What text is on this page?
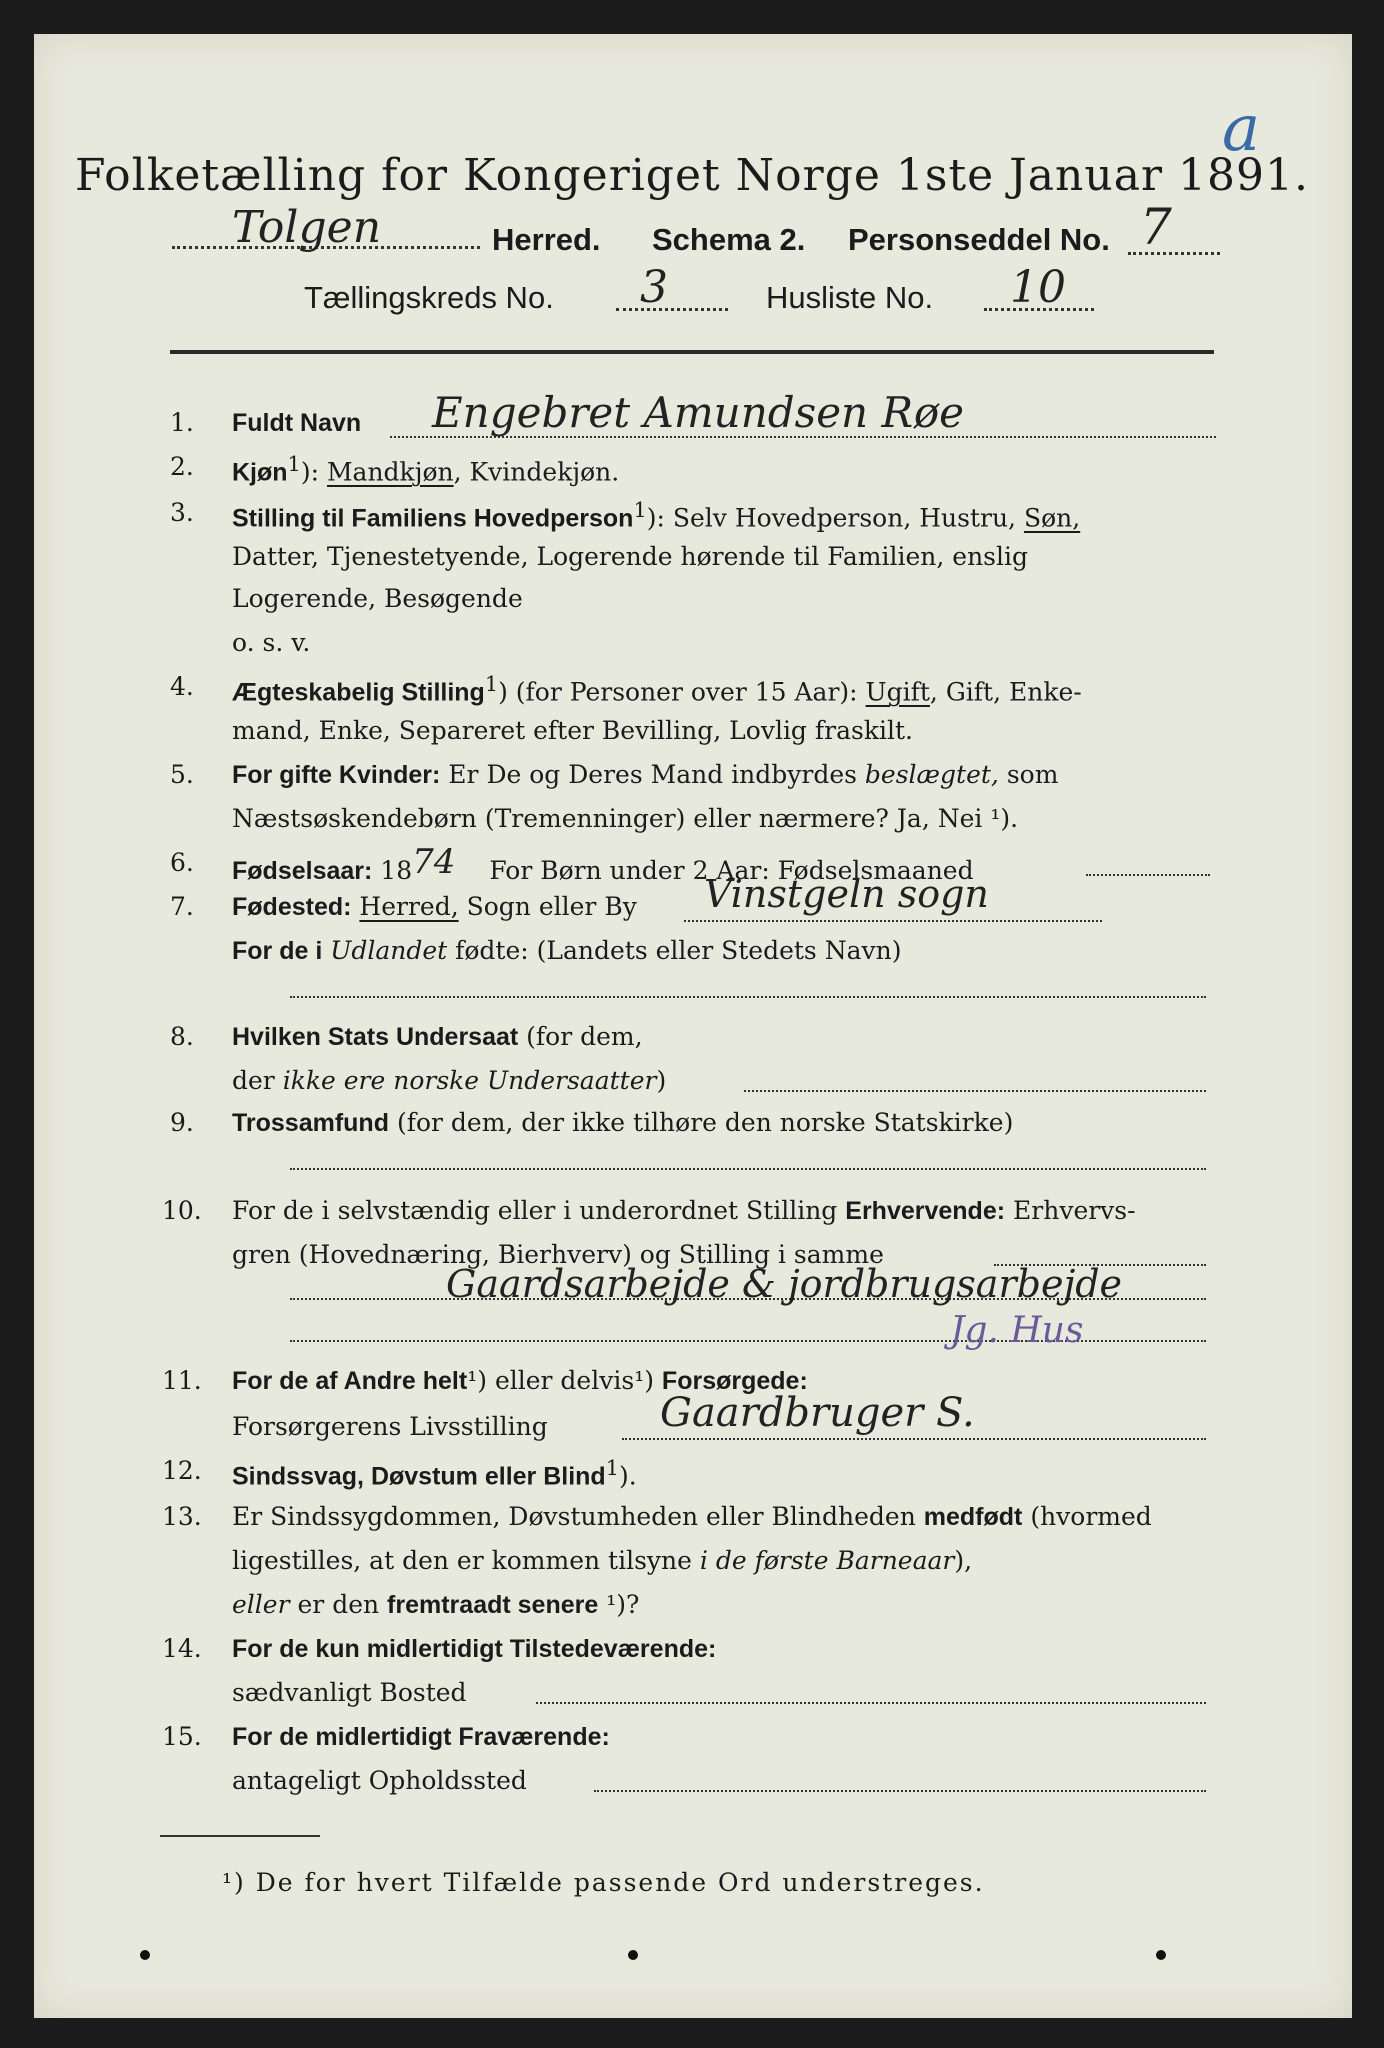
a
Folketælling for Kongeriget Norge 1ste Januar 1891.
Tolgen	Herred. Schema 2. Personseddel No. 7
Tællingskreds No. 3	Husliste No. 10
1.	Fuldt Navn Engebret Amundsen Røe
2.	Kjøn$^1$): Mandkjøn, Kvindekjøn.
3.	Stilling til Familiens Hovedperson$^1$): Selv Hovedperson, Hustru, Søn,
Datter, Tjenestetyende, Logerende hørende til Familien, enslig
Logerende, Besøgende
o. s. v.
4.	Ægteskabelig Stilling$^1$) (for Personer over 15 Aar): Ugift, Gift, Enke-
mand, Enke, Separeret efter Bevilling, Lovlig fraskilt.
5.	For gifte Kvinder: Er De og Deres Mand indbyrdes beslægtet, som
Næstsøskendebørn (Tremenninger) eller nærmere? Ja, Nei ¹).
6.	Fødselsaar: 1874 For Børn under 2 Aar: Fødselsmaaned
7.	Fødested: Herred, Sogn eller By Vinstgeln sogn
For de i Udlandet fødte: (Landets eller Stedets Navn)
8.	Hvilken Stats Undersaat (for dem,
der ikke ere norske Undersaatter)
9.	Trossamfund (for dem, der ikke tilhøre den norske Statskirke)
10. For de i selvstændig eller i underordnet Stilling Erhvervende: Erhvervs-
gren (Hovednæring, Bierhverv) og Stilling i samme
Gaardsarbejde & jordbrugsarbejde
Jg. Hus
11. For de af Andre helt¹) eller delvis¹) Forsørgede:
Forsørgerens Livsstilling	Gaardbruger S.
12. Sindssvag, Døvstum eller Blind$^1$).
13. Er Sindssygdommen, Døvstumheden eller Blindheden medfødt (hvormed
ligestilles, at den er kommen tilsyne i de første Barneaar),
eller er den fremtraadt senere ¹)?
14. For de kun midlertidigt Tilstedeværende:
sædvanligt Bosted
15. For de midlertidigt Fraværende:
antageligt Opholdssted
¹) De for hvert Tilfælde passende Ord understreges.
